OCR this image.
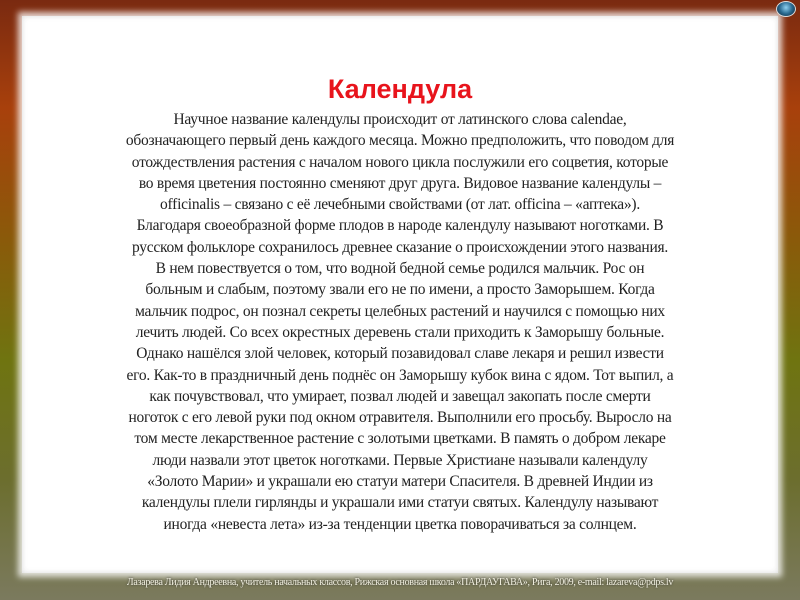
Календула
Научное название календулы происходит от латинского слова calendae,
обозначающего первый день каждого месяца. Можно предположить, что поводом для
отождествления растения с началом нового цикла послужили его соцветия, которые
во время цветения постоянно сменяют друг друга. Видовое название календулы –
officinalis – связано с её лечебными свойствами (от лат. officina – «аптека»).
Благодаря своеобразной форме плодов в народе календулу называют ноготками. В
русском фольклоре сохранилось древнее сказание о происхождении этого названия.
В нем повествуется о том, что водной бедной семье родился мальчик. Рос он
больным и слабым, поэтому звали его не по имени, а просто Заморышем. Когда
мальчик подрос, он познал секреты целебных растений и научился с помощью них
лечить людей. Со всех окрестных деревень стали приходить к Заморышу больные.
Однако нашёлся злой человек, который позавидовал славе лекаря и решил извести
его. Как-то в праздничный день поднёс он Заморышу кубок вина с ядом. Тот выпил, а
как почувствовал, что умирает, позвал людей и завещал закопать после смерти
ноготок с его левой руки под окном отравителя. Выполнили его просьбу. Выросло на
том месте лекарственное растение с золотыми цветками. В память о добром лекаре
люди назвали этот цветок ноготками. Первые Христиане называли календулу
«Золото Марии» и украшали ею статуи матери Спасителя. В древней Индии из
календулы плели гирлянды и украшали ими статуи святых. Календулу называют
иногда «невеста лета» из-за тенденции цветка поворачиваться за солнцем.
Лазарева Лидия Андреевна, учитель начальных классов, Рижская основная школа «ПАРДАУГАВА», Рига, 2009, e-mail: lazareva@pdps.lv
